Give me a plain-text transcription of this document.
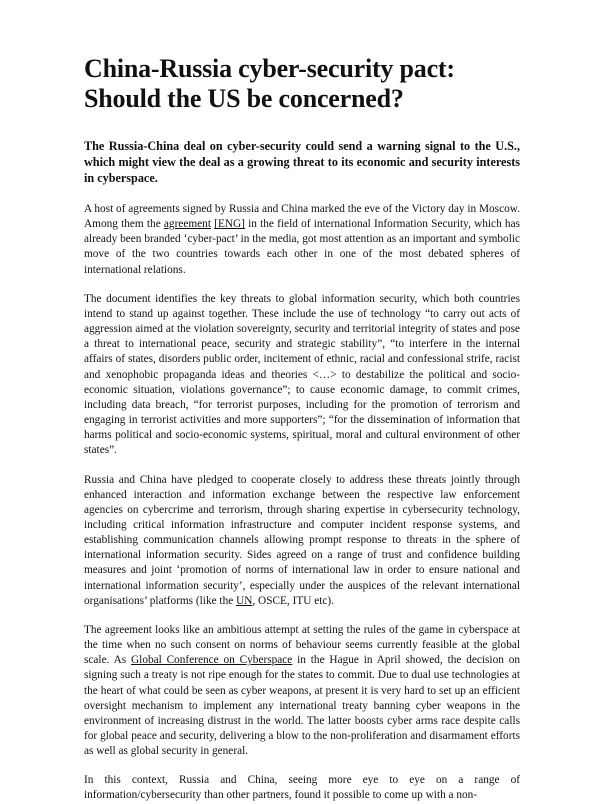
China-Russia cyber-security pact: Should the US be concerned?

The Russia-China deal on cyber-security could send a warning signal to the U.S., which might view the deal as a growing threat to its economic and security interests in cyberspace.

A host of agreements signed by Russia and China marked the eve of the Victory day in Moscow. Among them the agreement [ENG] in the field of international Information Security, which has already been branded ‘cyber-pact’ in the media, got most attention as an important and symbolic move of the two countries towards each other in one of the most debated spheres of international relations.

The document identifies the key threats to global information security, which both countries intend to stand up against together. These include the use of technology “to carry out acts of aggression aimed at the violation sovereignty, security and territorial integrity of states and pose a threat to international peace, security and strategic stability”, “to interfere in the internal affairs of states, disorders public order, incitement of ethnic, racial and confessional strife, racist and xenophobic propaganda ideas and theories <…> to destabilize the political and socio-economic situation, violations governance”; to cause economic damage, to commit crimes, including data breach, “for terrorist purposes, including for the promotion of terrorism and engaging in terrorist activities and more supporters”; “for the dissemination of information that harms political and socio-economic systems, spiritual, moral and cultural environment of other states”.

Russia and China have pledged to cooperate closely to address these threats jointly through enhanced interaction and information exchange between the respective law enforcement agencies on cybercrime and terrorism, through sharing expertise in cybersecurity technology, including critical information infrastructure and computer incident response systems, and establishing communication channels allowing prompt response to threats in the sphere of international information security. Sides agreed on a range of trust and confidence building measures and joint ‘promotion of norms of international law in order to ensure national and international information security’, especially under the auspices of the relevant international organisations’ platforms (like the UN, OSCE, ITU etc).

The agreement looks like an ambitious attempt at setting the rules of the game in cyberspace at the time when no such consent on norms of behaviour seems currently feasible at the global scale. As Global Conference on Cyberspace in the Hague in April showed, the decision on signing such a treaty is not ripe enough for the states to commit. Due to dual use technologies at the heart of what could be seen as cyber weapons, at present it is very hard to set up an efficient oversight mechanism to implement any international treaty banning cyber weapons in the environment of increasing distrust in the world. The latter boosts cyber arms race despite calls for global peace and security, delivering a blow to the non-proliferation and disarmament efforts as well as global security in general.

In this context, Russia and China, seeing more eye to eye on a range of information/cybersecurity than other partners, found it possible to come up with a non-
